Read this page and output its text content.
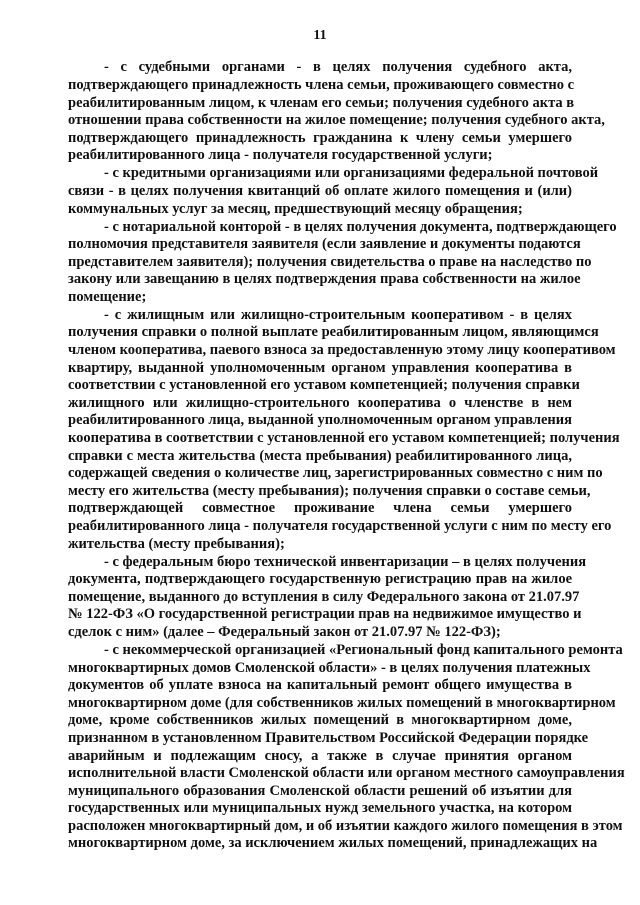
11
- с судебными органами - в целях получения судебного акта,
подтверждающего принадлежность члена семьи, проживающего совместно с
реабилитированным лицом, к членам его семьи; получения судебного акта в
отношении права собственности на жилое помещение; получения судебного акта,
подтверждающего принадлежность гражданина к члену семьи умершего
реабилитированного лица - получателя государственной услуги;
- с кредитными организациями или организациями федеральной почтовой
связи - в целях получения квитанций об оплате жилого помещения и (или)
коммунальных услуг за месяц, предшествующий месяцу обращения;
- с нотариальной конторой - в целях получения документа, подтверждающего
полномочия представителя заявителя (если заявление и документы подаются
представителем заявителя); получения свидетельства о праве на наследство по
закону или завещанию в целях подтверждения права собственности на жилое
помещение;
- с жилищным или жилищно-строительным кооперативом - в целях
получения справки о полной выплате реабилитированным лицом, являющимся
членом кооператива, паевого взноса за предоставленную этому лицу кооперативом
квартиру, выданной уполномоченным органом управления кооператива в
соответствии с установленной его уставом компетенцией; получения справки
жилищного или жилищно-строительного кооператива о членстве в нем
реабилитированного лица, выданной уполномоченным органом управления
кооператива в соответствии с установленной его уставом компетенцией; получения
справки с места жительства (места пребывания) реабилитированного лица,
содержащей сведения о количестве лиц, зарегистрированных совместно с ним по
месту его жительства (месту пребывания); получения справки о составе семьи,
подтверждающей совместное проживание члена семьи умершего
реабилитированного лица - получателя государственной услуги с ним по месту его
жительства (месту пребывания);
- с федеральным бюро технической инвентаризации – в целях получения
документа, подтверждающего государственную регистрацию прав на жилое
помещение, выданного до вступления в силу Федерального закона от 21.07.97
№ 122-ФЗ «О государственной регистрации прав на недвижимое имущество и
сделок с ним» (далее – Федеральный закон от 21.07.97 № 122-ФЗ);
- с некоммерческой организацией «Региональный фонд капитального ремонта
многоквартирных домов Смоленской области» - в целях получения платежных
документов об уплате взноса на капитальный ремонт общего имущества в
многоквартирном доме (для собственников жилых помещений в многоквартирном
доме, кроме собственников жилых помещений в многоквартирном доме,
признанном в установленном Правительством Российской Федерации порядке
аварийным и подлежащим сносу, а также в случае принятия органом
исполнительной власти Смоленской области или органом местного самоуправления
муниципального образования Смоленской области решений об изъятии для
государственных или муниципальных нужд земельного участка, на котором
расположен многоквартирный дом, и об изъятии каждого жилого помещения в этом
многоквартирном доме, за исключением жилых помещений, принадлежащих на
